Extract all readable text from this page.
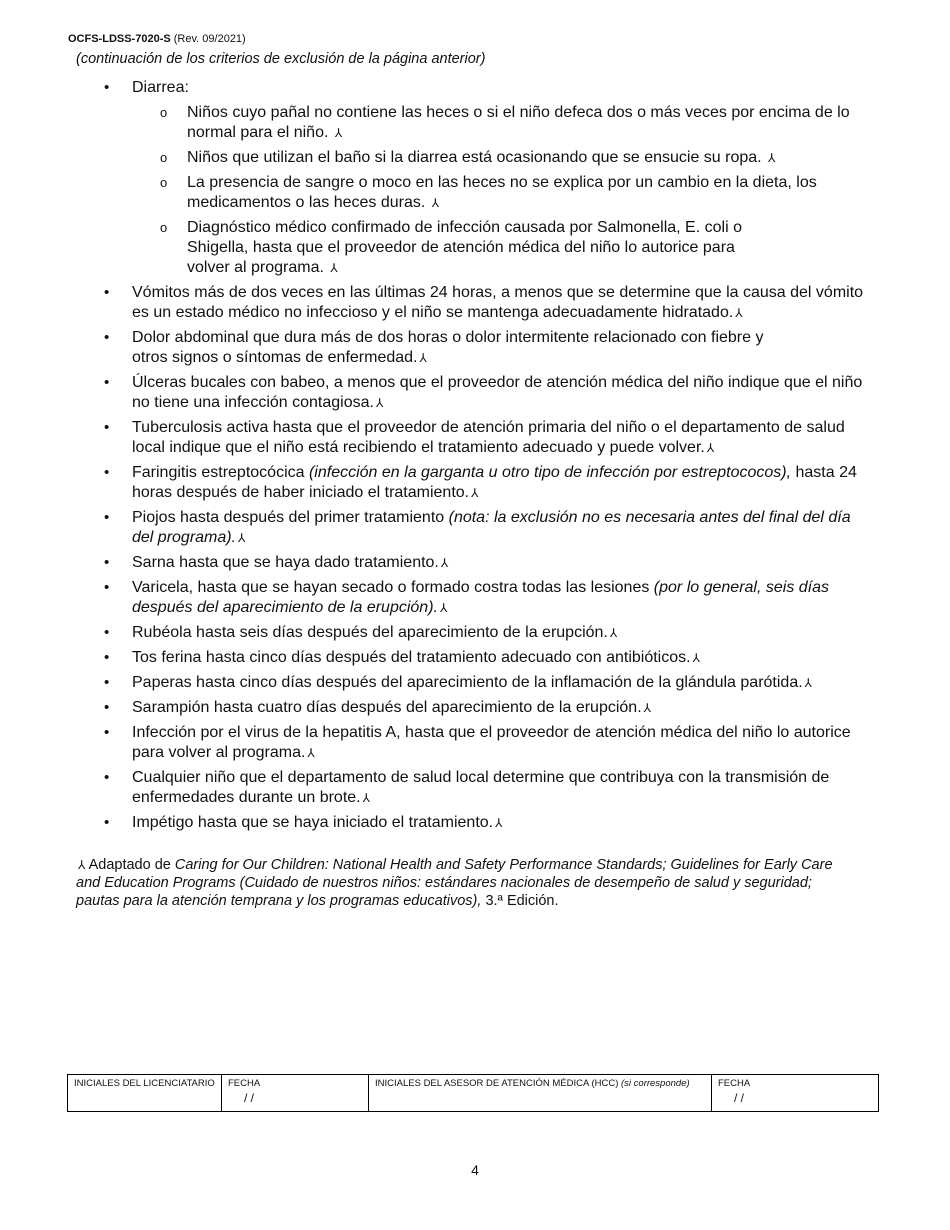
OCFS-LDSS-7020-S (Rev. 09/2021)
(continuación de los criterios de exclusión de la página anterior)
• Diarrea:
o Niños cuyo pañal no contiene las heces o si el niño defeca dos o más veces por encima de lo normal para el niño. ⅄
o Niños que utilizan el baño si la diarrea está ocasionando que se ensucie su ropa. ⅄
o La presencia de sangre o moco en las heces no se explica por un cambio en la dieta, los medicamentos o las heces duras. ⅄
o Diagnóstico médico confirmado de infección causada por Salmonella, E. coli o Shigella, hasta que el proveedor de atención médica del niño lo autorice para volver al programa. ⅄
• Vómitos más de dos veces en las últimas 24 horas, a menos que se determine que la causa del vómito es un estado médico no infeccioso y el niño se mantenga adecuadamente hidratado. ⅄
• Dolor abdominal que dura más de dos horas o dolor intermitente relacionado con fiebre y otros signos o síntomas de enfermedad. ⅄
• Úlceras bucales con babeo, a menos que el proveedor de atención médica del niño indique que el niño no tiene una infección contagiosa. ⅄
• Tuberculosis activa hasta que el proveedor de atención primaria del niño o el departamento de salud local indique que el niño está recibiendo el tratamiento adecuado y puede volver. ⅄
• Faringitis estreptocócica (infección en la garganta u otro tipo de infección por estreptococos), hasta 24 horas después de haber iniciado el tratamiento. ⅄
• Piojos hasta después del primer tratamiento (nota: la exclusión no es necesaria antes del final del día del programa). ⅄
• Sarna hasta que se haya dado tratamiento. ⅄
• Varicela, hasta que se hayan secado o formado costra todas las lesiones (por lo general, seis días después del aparecimiento de la erupción). ⅄
• Rubéola hasta seis días después del aparecimiento de la erupción. ⅄
• Tos ferina hasta cinco días después del tratamiento adecuado con antibióticos. ⅄
• Paperas hasta cinco días después del aparecimiento de la inflamación de la glándula parótida. ⅄
• Sarampión hasta cuatro días después del aparecimiento de la erupción. ⅄
• Infección por el virus de la hepatitis A, hasta que el proveedor de atención médica del niño lo autorice para volver al programa. ⅄
• Cualquier niño que el departamento de salud local determine que contribuya con la transmisión de enfermedades durante un brote. ⅄
• Impétigo hasta que se haya iniciado el tratamiento. ⅄
⅄ Adaptado de Caring for Our Children: National Health and Safety Performance Standards; Guidelines for Early Care and Education Programs (Cuidado de nuestros niños: estándares nacionales de desempeño de salud y seguridad; pautas para la atención temprana y los programas educativos), 3.ª Edición.
INICIALES DEL LICENCIATARIO	FECHA
/ /
INICIALES DEL ASESOR DE ATENCIÓN MÉDICA (HCC) (si corresponde)	FECHA
/ /
4
